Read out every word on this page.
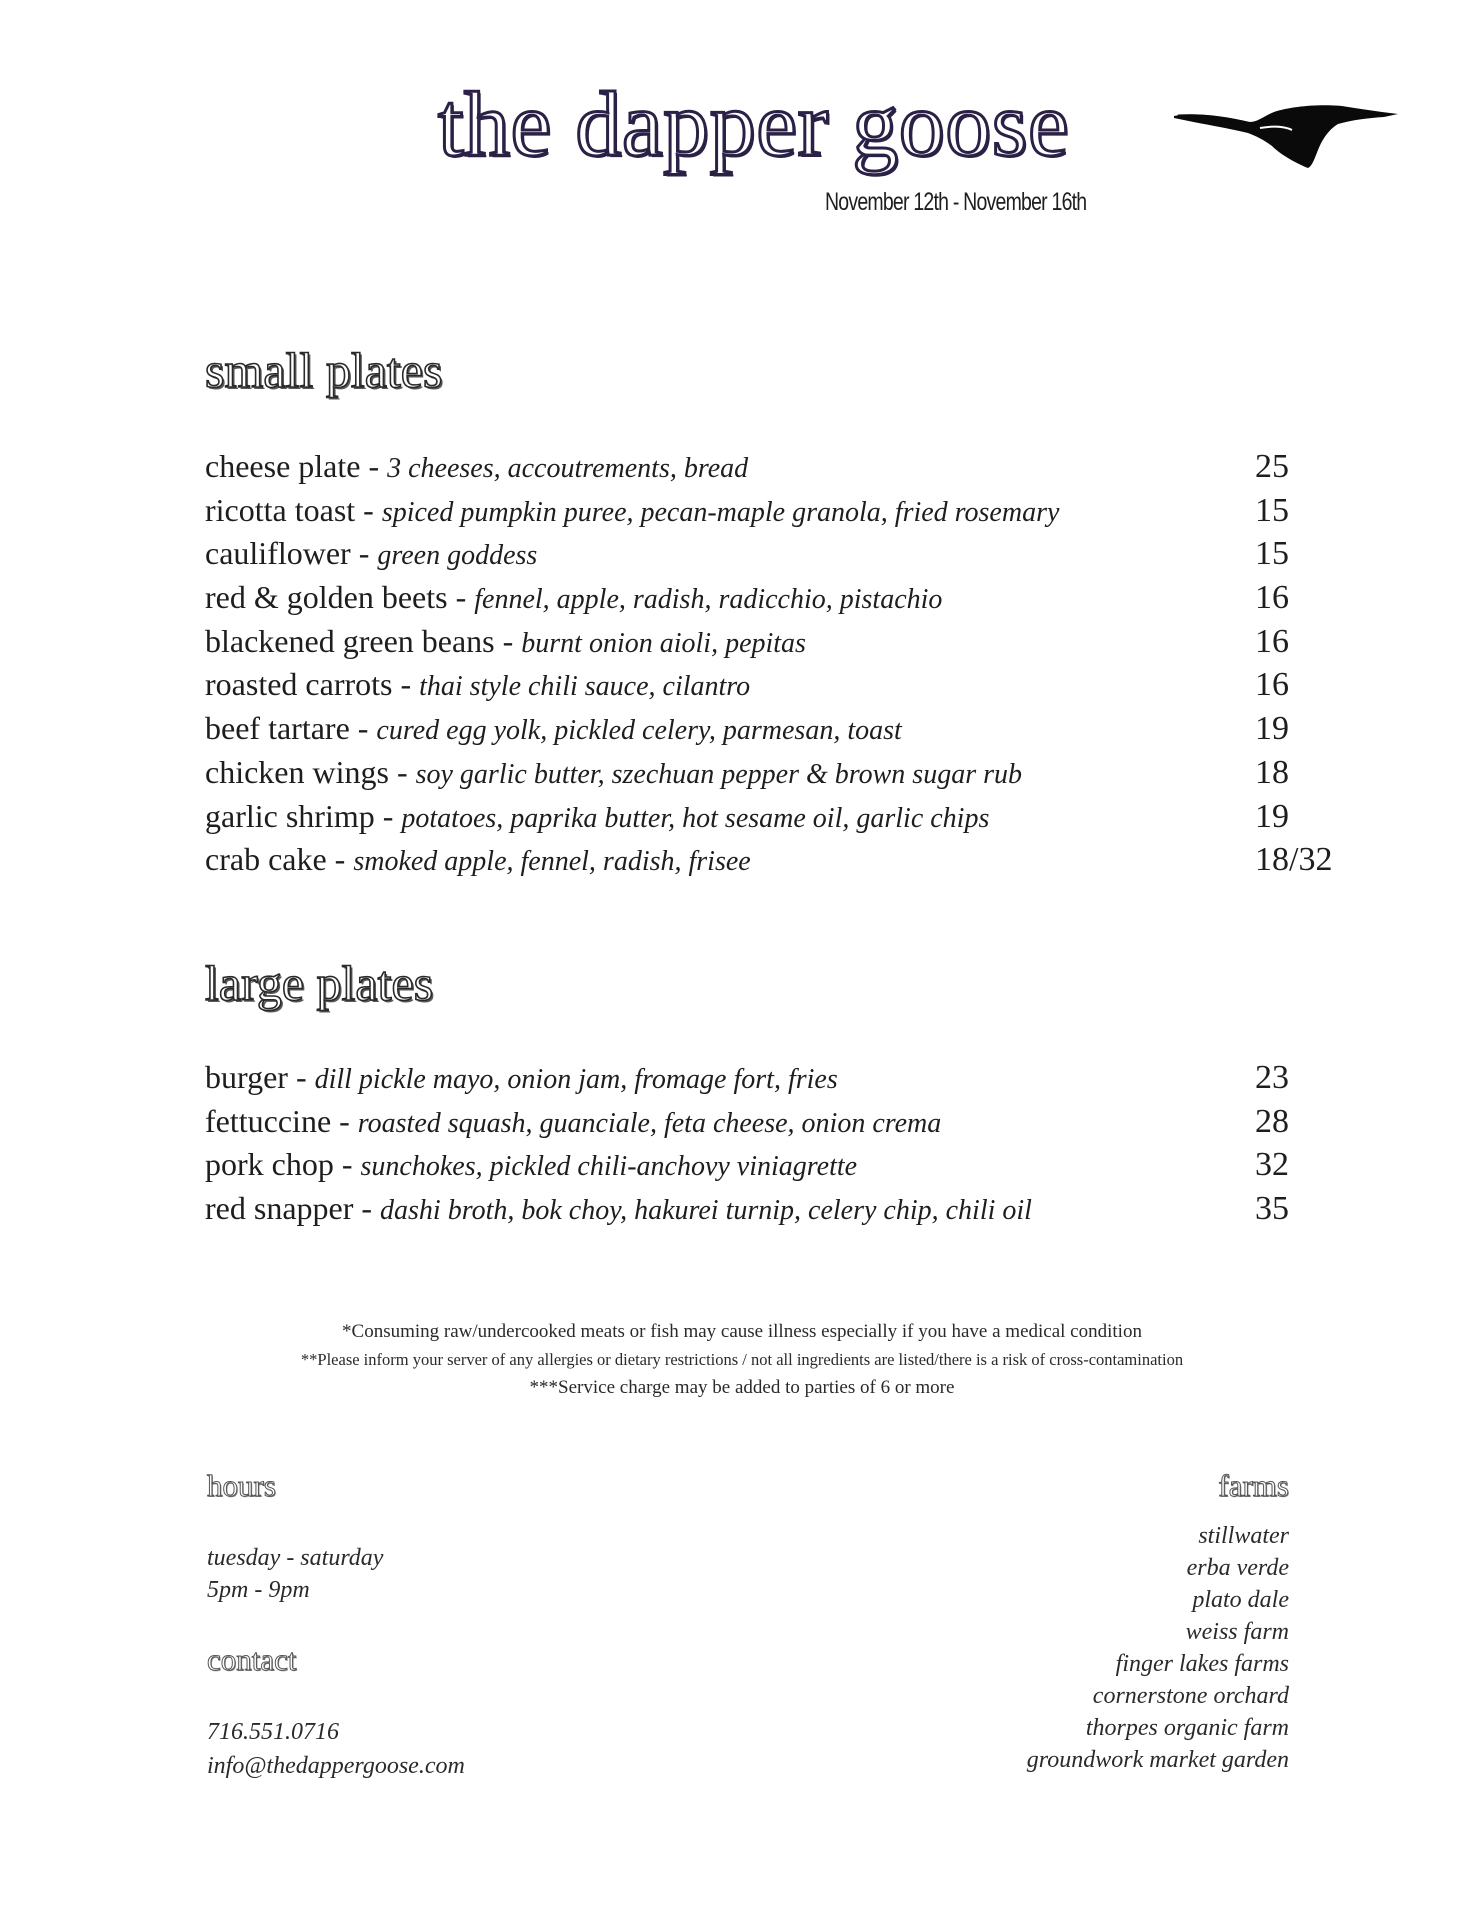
the dapper goose
November 12th - November 16th
small plates
cheese plate - 3 cheeses, accoutrements, bread	25
ricotta toast - spiced pumpkin puree, pecan-maple granola, fried rosemary	15
cauliflower - green goddess	15
red & golden beets - fennel, apple, radish, radicchio, pistachio	16
blackened green beans - burnt onion aioli, pepitas	16
roasted carrots - thai style chili sauce, cilantro	16
beef tartare - cured egg yolk, pickled celery, parmesan, toast	19
chicken wings - soy garlic butter, szechuan pepper & brown sugar rub	18
garlic shrimp - potatoes, paprika butter, hot sesame oil, garlic chips	19
crab cake - smoked apple, fennel, radish, frisee	18/32
large plates
burger - dill pickle mayo, onion jam, fromage fort, fries	23
fettuccine - roasted squash, guanciale, feta cheese, onion crema	28
pork chop - sunchokes, pickled chili-anchovy viniagrette	32
red snapper - dashi broth, bok choy, hakurei turnip, celery chip, chili oil	35
*Consuming raw/undercooked meats or fish may cause illness especially if you have a medical condition
**Please inform your server of any allergies or dietary restrictions / not all ingredients are listed/there is a risk of cross-contamination
***Service charge may be added to parties of 6 or more
hours
tuesday - saturday
5pm - 9pm
contact
716.551.0716
info@thedappergoose.com
farms
stillwater
erba verde
plato dale
weiss farm
finger lakes farms
cornerstone orchard
thorpes organic farm
groundwork market garden
